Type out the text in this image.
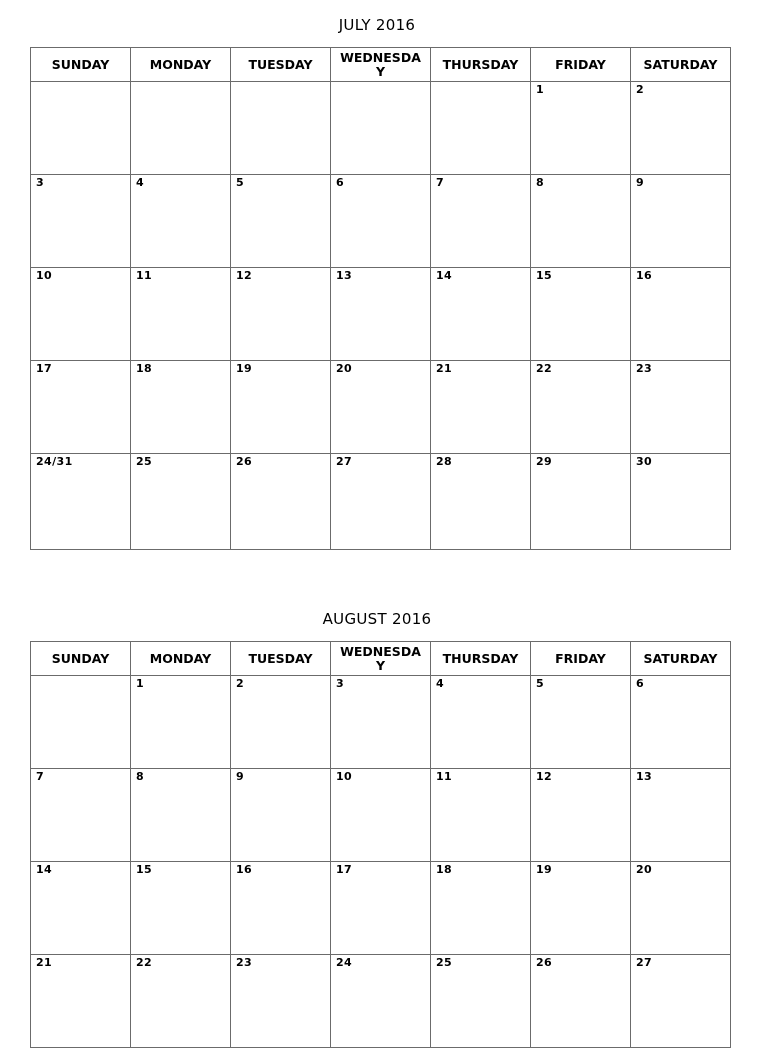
JULY 2016
SUNDAY	MONDAY	TUESDAY	WEDNESDA
Y	THURSDAY	FRIDAY	SATURDAY

					1	2

3	4	5	6	7	8	9

10	11	12	13	14	15	16

17	18	19	20	21	22	23

24/31	25	26	27	28	29	30
AUGUST 2016
SUNDAY	MONDAY	TUESDAY	WEDNESDA
Y	THURSDAY	FRIDAY	SATURDAY

	1	2	3	4	5	6

7	8	9	10	11	12	13

14	15	16	17	18	19	20

21	22	23	24	25	26	27
